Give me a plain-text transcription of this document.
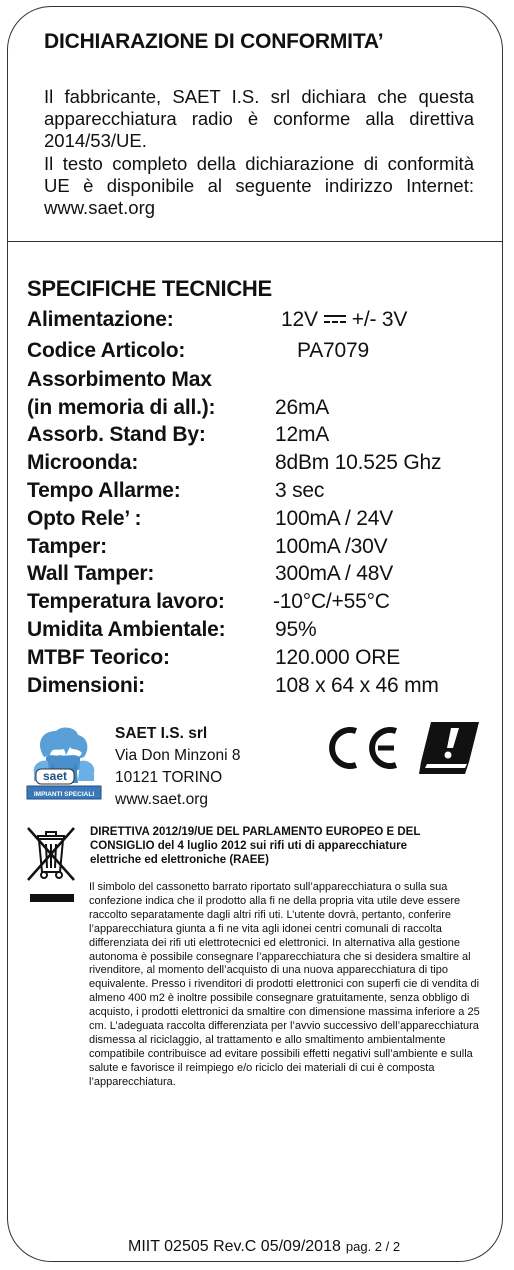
DICHIARAZIONE DI CONFORMITA’
Il fabbricante, SAET I.S. srl dichiara che questa apparecchiatura radio è conforme alla direttiva 2014/53/UE.
Il testo completo della dichiarazione di conformità UE è disponibile al seguente indirizzo Internet: www.saet.org
SPECIFICHE TECNICHE
Alimentazione:	12V +/- 3V
Codice Articolo:	PA7079
Assorbimento Max
(in memoria di all.):	26mA
Assorb. Stand By:	12mA
Microonda:	8dBm 10.525 Ghz
Tempo Allarme:	3 sec
Opto Rele’ :	100mA / 24V
Tamper:	100mA /30V
Wall Tamper:	300mA / 48V
Temperatura lavoro: -10°C/+55°C
Umidita Ambientale: 95%
MTBF Teorico:	120.000 ORE
Dimensioni:	108 x 64 x 46 mm
saet
IMPIANTI SPECIALI
SAET I.S. srl
Via Don Minzoni 8
10121 TORINO
www.saet.org
CE
DIRETTIVA 2012/19/UE DEL PARLAMENTO EUROPEO E DEL CONSIGLIO del 4 luglio 2012 sui rifi uti di apparecchiature elettriche ed elettroniche (RAEE)
Il simbolo del cassonetto barrato riportato sull’apparecchiatura o sulla sua confezione indica che il prodotto alla fi ne della propria vita utile deve essere raccolto separatamente dagli altri rifi uti. L’utente dovrà, pertanto, conferire l’apparecchiatura giunta a fi ne vita agli idonei centri comunali di raccolta differenziata dei rifi uti elettrotecnici ed elettronici. In alternativa alla gestione autonoma è possibile consegnare l’apparecchiatura che si desidera smaltire al rivenditore, al momento dell’acquisto di una nuova apparecchiatura di tipo equivalente. Presso i rivenditori di prodotti elettronici con superfi cie di vendita di almeno 400 m2 è inoltre possibile consegnare gratuitamente, senza obbligo di acquisto, i prodotti elettronici da smaltire con dimensione massima inferiore a 25 cm. L’adeguata raccolta differenziata per l’avvio successivo dell’apparecchiatura dismessa al riciclaggio, al trattamento e allo smaltimento ambientalmente compatibile contribuisce ad evitare possibili effetti negativi sull’ambiente e sulla salute e favorisce il reimpiego e/o riciclo dei materiali di cui è composta l’apparecchiatura.
MIIT 02505 Rev.C 05/09/2018 pag. 2 / 2
